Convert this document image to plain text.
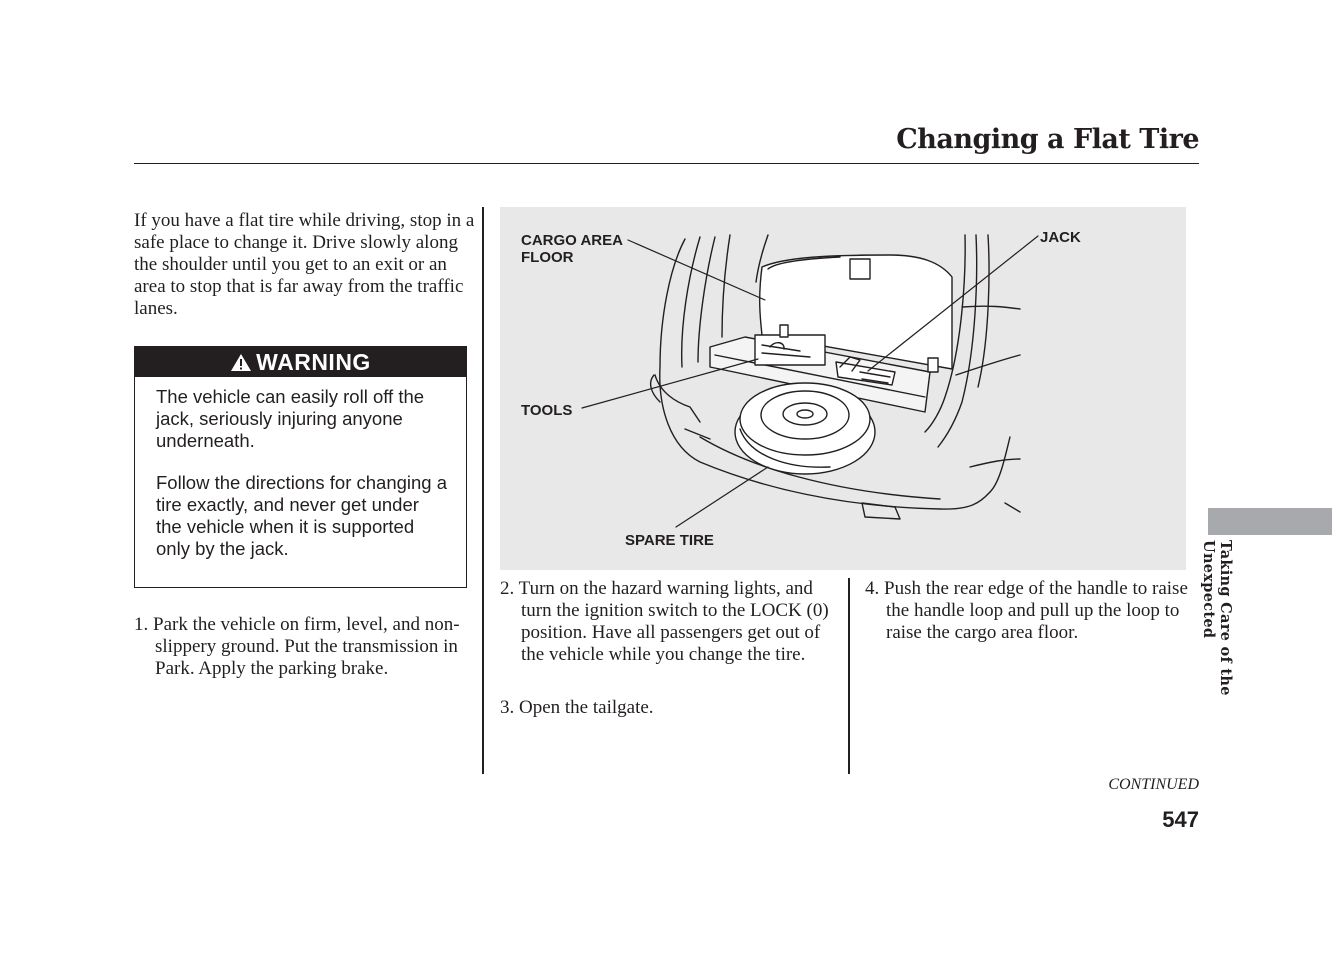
Changing a Flat Tire

If you have a flat tire while driving, stop in a safe place to change it. Drive slowly along the shoulder until you get to an exit or an area to stop that is far away from the traffic lanes.

WARNING

The vehicle can easily roll off the jack, seriously injuring anyone underneath.

Follow the directions for changing a tire exactly, and never get under the vehicle when it is supported only by the jack.

1. Park the vehicle on firm, level, and non-slippery ground. Put the transmission in Park. Apply the parking brake.

CARGO AREA
FLOOR
JACK
TOOLS
SPARE TIRE

2. Turn on the hazard warning lights, and turn the ignition switch to the LOCK (0) position. Have all passengers get out of the vehicle while you change the tire.

3. Open the tailgate.

4. Push the rear edge of the handle to raise the handle loop and pull up the loop to raise the cargo area floor.	Taking Care of the Unexpected
CONTINUED
547
